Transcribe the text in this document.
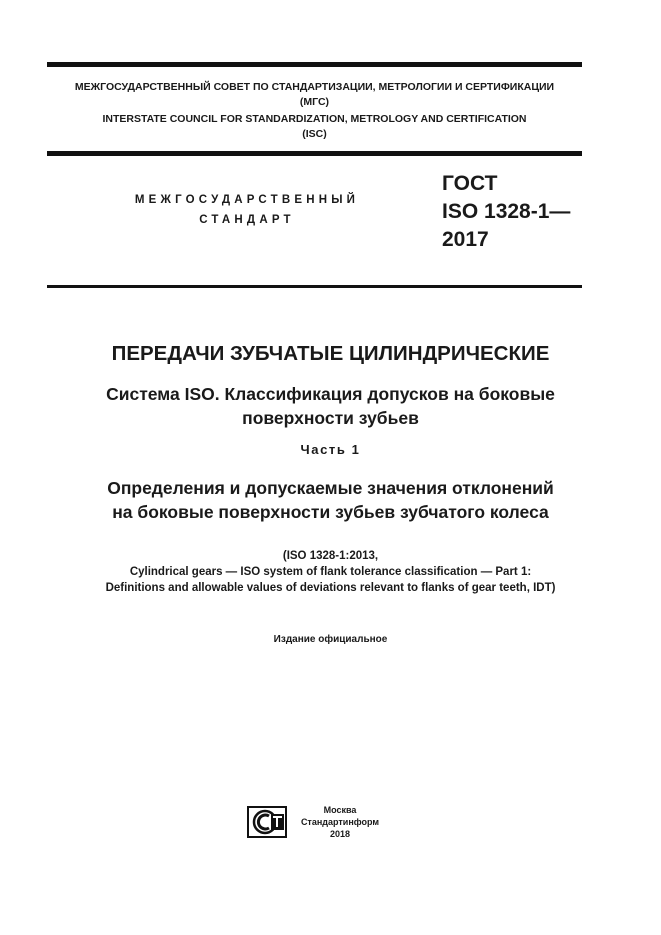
МЕЖГОСУДАРСТВЕННЫЙ СОВЕТ ПО СТАНДАРТИЗАЦИИ, МЕТРОЛОГИИ И СЕРТИФИКАЦИИ
(МГС)
INTERSTATE COUNCIL FOR STANDARDIZATION, METROLOGY AND CERTIFICATION
(ISC)
МЕЖГОСУДАРСТВЕННЫЙ
СТАНДАРТ
ГОСТ
ISO 1328-1—
2017
ПЕРЕДАЧИ ЗУБЧАТЫЕ ЦИЛИНДРИЧЕСКИЕ
Система ISO. Классификация допусков на боковые
поверхности зубьев
Часть 1
Определения и допускаемые значения отклонений
на боковые поверхности зубьев зубчатого колеса
(ISO 1328-1:2013,
Cylindrical gears — ISO system of flank tolerance classification — Part 1:
Definitions and allowable values of deviations relevant to flanks of gear teeth, IDT)
Издание официальное
Москва
Стандартинформ
2018
